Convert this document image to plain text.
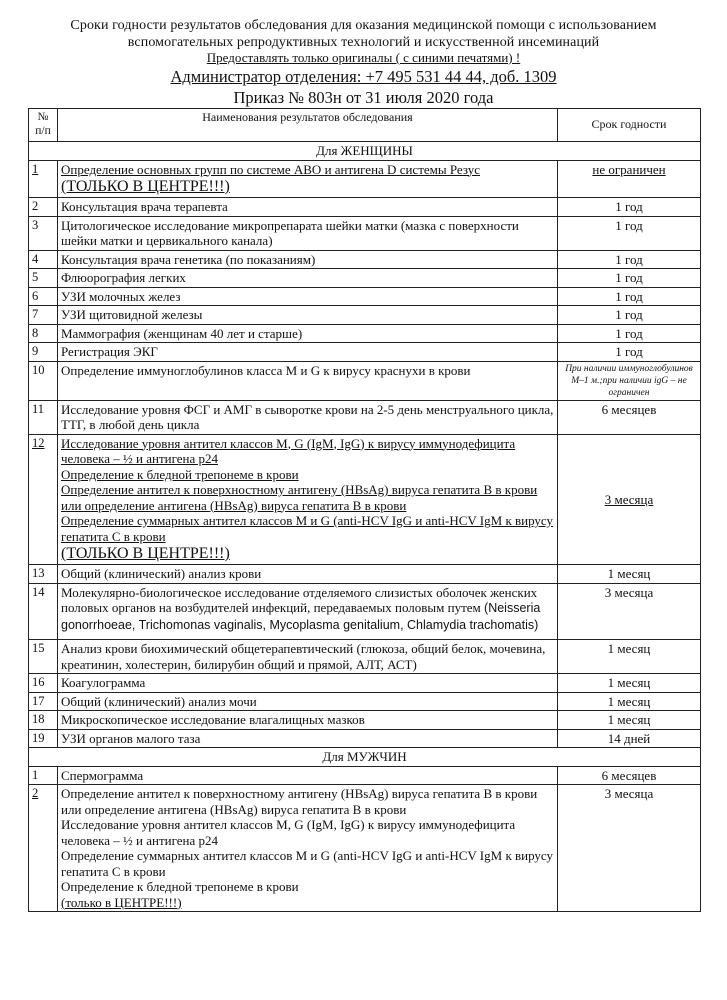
Сроки годности результатов обследования для оказания медицинской помощи с использованием вспомогательных репродуктивных технологий и искусственной инсеминаций
Предоставлять только оригиналы ( с синими печатями) !
Администратор отделения: +7 495 531 44 44, доб. 1309
Приказ № 803н от 31 июля 2020 года
№ п/п	Наименования результатов обследования	Срок годности
Для ЖЕНЩИНЫ		
1	Определение основных групп по системе АВО и антигена D системы Резус
(ТОЛЬКО В ЦЕНТРЕ!!!)	не ограничен
2	Консультация врача терапевта	1 год
3	Цитологическое исследование микропрепарата шейки матки (мазка с поверхности шейки матки и цервикального канала)	1 год
4	Консультация врача генетика (по показаниям)	1 год
5	Флюорография легких	1 год
6	УЗИ молочных желез	1 год
7	УЗИ щитовидной железы	1 год
8	Маммография (женщинам 40 лет и старше)	1 год
9	Регистрация ЭКГ	1 год
10	Определение иммуноглобулинов класса M и G к вирусу краснухи в крови	При наличии иммуноглобулинов М–1 м.;при наличии igG – не ограничен
11	Исследование уровня ФСГ и АМГ в сыворотке крови на 2-5 день менструального цикла, ТТГ, в любой день цикла	6 месяцев
12	Исследование уровня антител классов M, G (IgM, IgG) к вирусу иммунодефицита человека – ½ и антигена p24
Определение к бледной трепонеме в крови
Определение антител к поверхностному антигену (HBsAg) вируса гепатита B в крови или определение антигена (HBsAg) вируса гепатита B в крови
Определение суммарных антител классов M и G (anti-HCV IgG и anti-HCV IgM к вирусу гепатита C в крови
(ТОЛЬКО В ЦЕНТРЕ!!!)	3 месяца
13	Общий (клинический) анализ крови	1 месяц
14	Молекулярно-биологическое исследование отделяемого слизистых оболочек женских половых органов на возбудителей инфекций, передаваемых половым путем (Neisseria gonorrhoeae, Trichomonas vaginalis, Mycoplasma genitalium, Chlamydia trachomatis)	3 месяца
15	Анализ крови биохимический общетерапевтический (глюкоза, общий белок, мочевина, креатинин, холестерин, билирубин общий и прямой, АЛТ, АСТ)	1 месяц
16	Коагулограмма	1 месяц
17	Общий (клинический) анализ мочи	1 месяц
18	Микроскопическое исследование влагалищных мазков	1 месяц
19	УЗИ органов малого таза	14 дней
Для МУЖЧИН		
1	Спермограмма	6 месяцев
2	Определение антител к поверхностному антигену (HBsAg) вируса гепатита B в крови или определение антигена (HBsAg) вируса гепатита B в крови
Исследование уровня антител классов M, G (IgM, IgG) к вирусу иммунодефицита человека – ½ и антигена p24
Определение суммарных антител классов M и G (anti-HCV IgG и anti-HCV IgM к вирусу гепатита C в крови
Определение к бледной трепонеме в крови
(только в ЦЕНТРЕ!!!)	3 месяца
